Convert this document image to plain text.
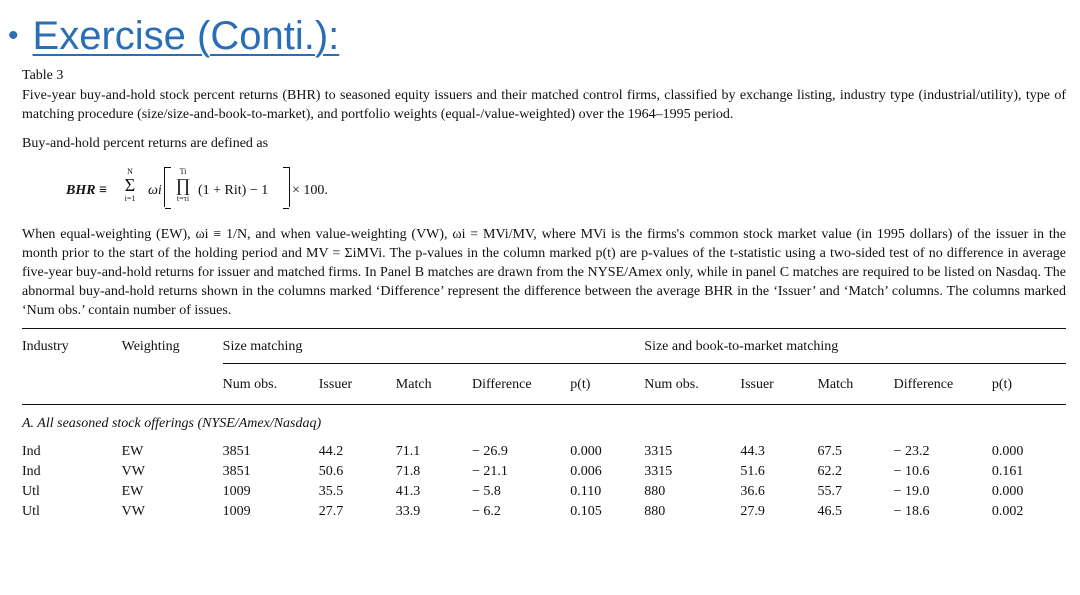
• Exercise (Conti.):
Table 3
Five-year buy-and-hold stock percent returns (BHR) to seasoned equity issuers and their matched control firms, classified by exchange listing, industry type (industrial/utility), type of matching procedure (size/size-and-book-to-market), and portfolio weights (equal-/value-weighted) over the 1964–1995 period.
Buy-and-hold percent returns are defined as
BHR ≡
N
Σ
i=1
ωi
Ti
∏
t=τi
(1 + Rit) − 1 × 100.
When equal-weighting (EW), ωi ≡ 1/N, and when value-weighting (VW), ωi = MVi/MV, where MVi is the firms's common stock market value (in 1995 dollars) of the issuer in the month prior to the start of the holding period and MV = ΣiMVi. The p-values in the column marked p(t) are p-values of the t-statistic using a two-sided test of no difference in average five-year buy-and-hold returns for issuer and matched firms. In Panel B matches are drawn from the NYSE/Amex only, while in panel C matches are required to be listed on Nasdaq. The abnormal buy-and-hold returns shown in the columns marked ‘Difference’ represent the difference between the average BHR in the ‘Issuer’ and ‘Match’ columns. The columns marked ‘Num obs.’ contain number of issues.
Industry	Weighting	Size matching					Size and book-to-market matching				
		Num obs.	Issuer	Match	Difference	p(t)	Num obs.	Issuer	Match	Difference	p(t)

A. All seasoned stock offerings (NYSE/Amex/Nasdaq)											
Ind	EW	3851	44.2	71.1	− 26.9	0.000	3315	44.3	67.5	− 23.2	0.000
Ind	VW	3851	50.6	71.8	− 21.1	0.006	3315	51.6	62.2	− 10.6	0.161
Utl	EW	1009	35.5	41.3	− 5.8	0.110	880	36.6	55.7	− 19.0	0.000
Utl	VW	1009	27.7	33.9	− 6.2	0.105	880	27.9	46.5	− 18.6	0.002
